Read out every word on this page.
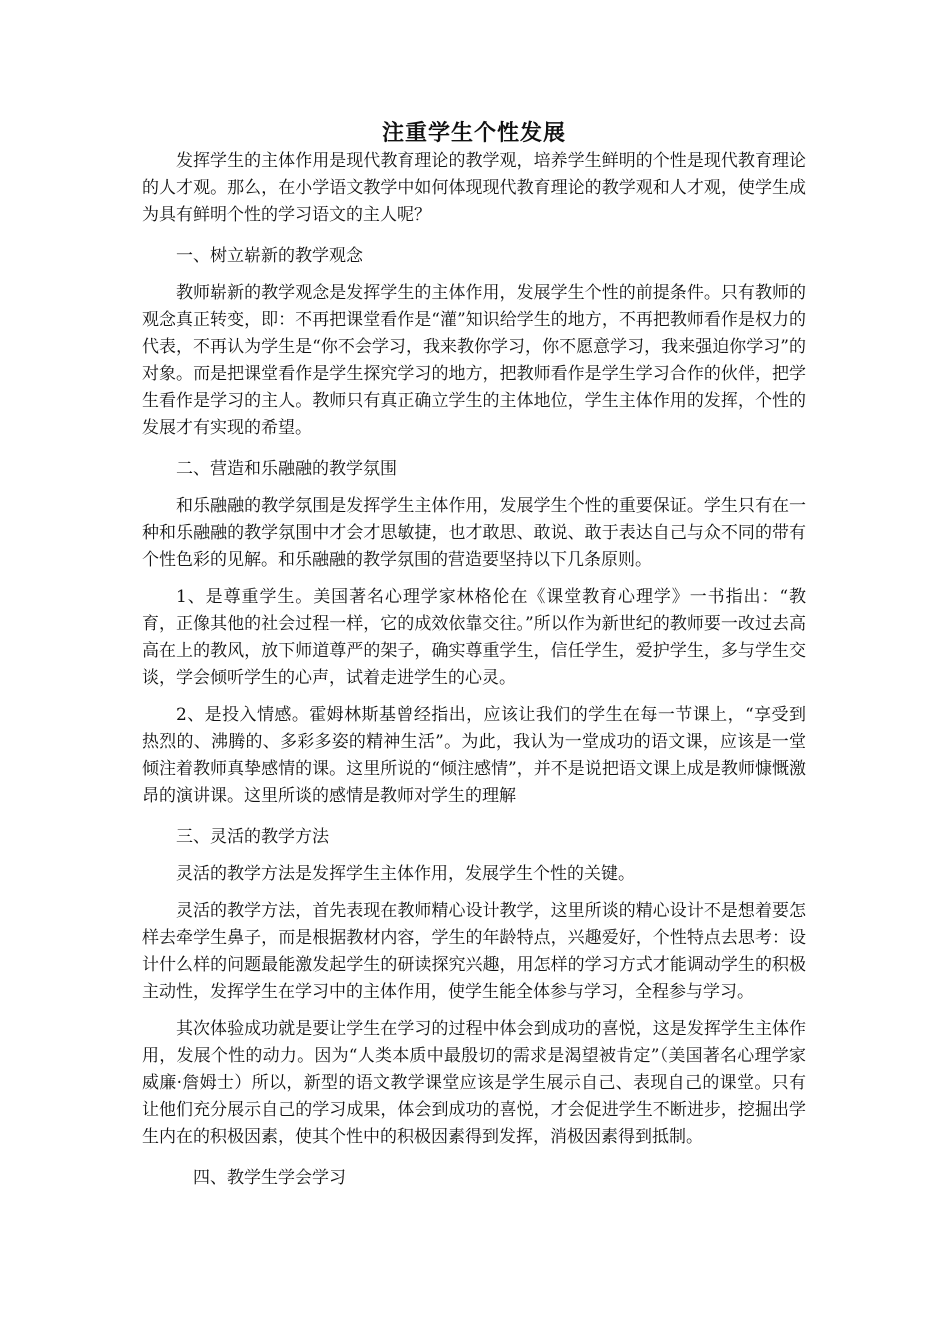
注重学生个性发展

发挥学生的主体作用是现代教育理论的教学观，培养学生鲜明的个性是现代教育理论的人才观。那么，在小学语文教学中如何体现现代教育理论的教学观和人才观，使学生成为具有鲜明个性的学习语文的主人呢？

一、树立崭新的教学观念

教师崭新的教学观念是发挥学生的主体作用，发展学生个性的前提条件。只有教师的观念真正转变，即：不再把课堂看作是“灌”知识给学生的地方，不再把教师看作是权力的代表，不再认为学生是“你不会学习，我来教你学习，你不愿意学习，我来强迫你学习”的对象。而是把课堂看作是学生探究学习的地方，把教师看作是学生学习合作的伙伴，把学生看作是学习的主人。教师只有真正确立学生的主体地位，学生主体作用的发挥，个性的发展才有实现的希望。

二、营造和乐融融的教学氛围

和乐融融的教学氛围是发挥学生主体作用，发展学生个性的重要保证。学生只有在一种和乐融融的教学氛围中才会才思敏捷，也才敢思、敢说、敢于表达自己与众不同的带有个性色彩的见解。和乐融融的教学氛围的营造要坚持以下几条原则。

1、是尊重学生。美国著名心理学家林格伦在《课堂教育心理学》一书指出：“教育，正像其他的社会过程一样，它的成效依靠交往。”所以作为新世纪的教师要一改过去高高在上的教风，放下师道尊严的架子，确实尊重学生，信任学生，爱护学生，多与学生交谈，学会倾听学生的心声，试着走进学生的心灵。

2、是投入情感。霍姆林斯基曾经指出，应该让我们的学生在每一节课上，“享受到热烈的、沸腾的、多彩多姿的精神生活”。为此，我认为一堂成功的语文课，应该是一堂倾注着教师真挚感情的课。这里所说的“倾注感情”，并不是说把语文课上成是教师慷慨激昂的演讲课。这里所谈的感情是教师对学生的理解

三、灵活的教学方法

灵活的教学方法是发挥学生主体作用，发展学生个性的关键。

灵活的教学方法，首先表现在教师精心设计教学，这里所谈的精心设计不是想着要怎样去牵学生鼻子，而是根据教材内容，学生的年龄特点，兴趣爱好，个性特点去思考：设计什么样的问题最能激发起学生的研读探究兴趣，用怎样的学习方式才能调动学生的积极主动性，发挥学生在学习中的主体作用，使学生能全体参与学习，全程参与学习。

其次体验成功就是要让学生在学习的过程中体会到成功的喜悦，这是发挥学生主体作用，发展个性的动力。因为“人类本质中最殷切的需求是渴望被肯定”（美国著名心理学家威廉·詹姆士）所以，新型的语文教学课堂应该是学生展示自己、表现自己的课堂。只有让他们充分展示自己的学习成果，体会到成功的喜悦，才会促进学生不断进步，挖掘出学生内在的积极因素，使其个性中的积极因素得到发挥，消极因素得到抵制。

四、教学生学会学习
